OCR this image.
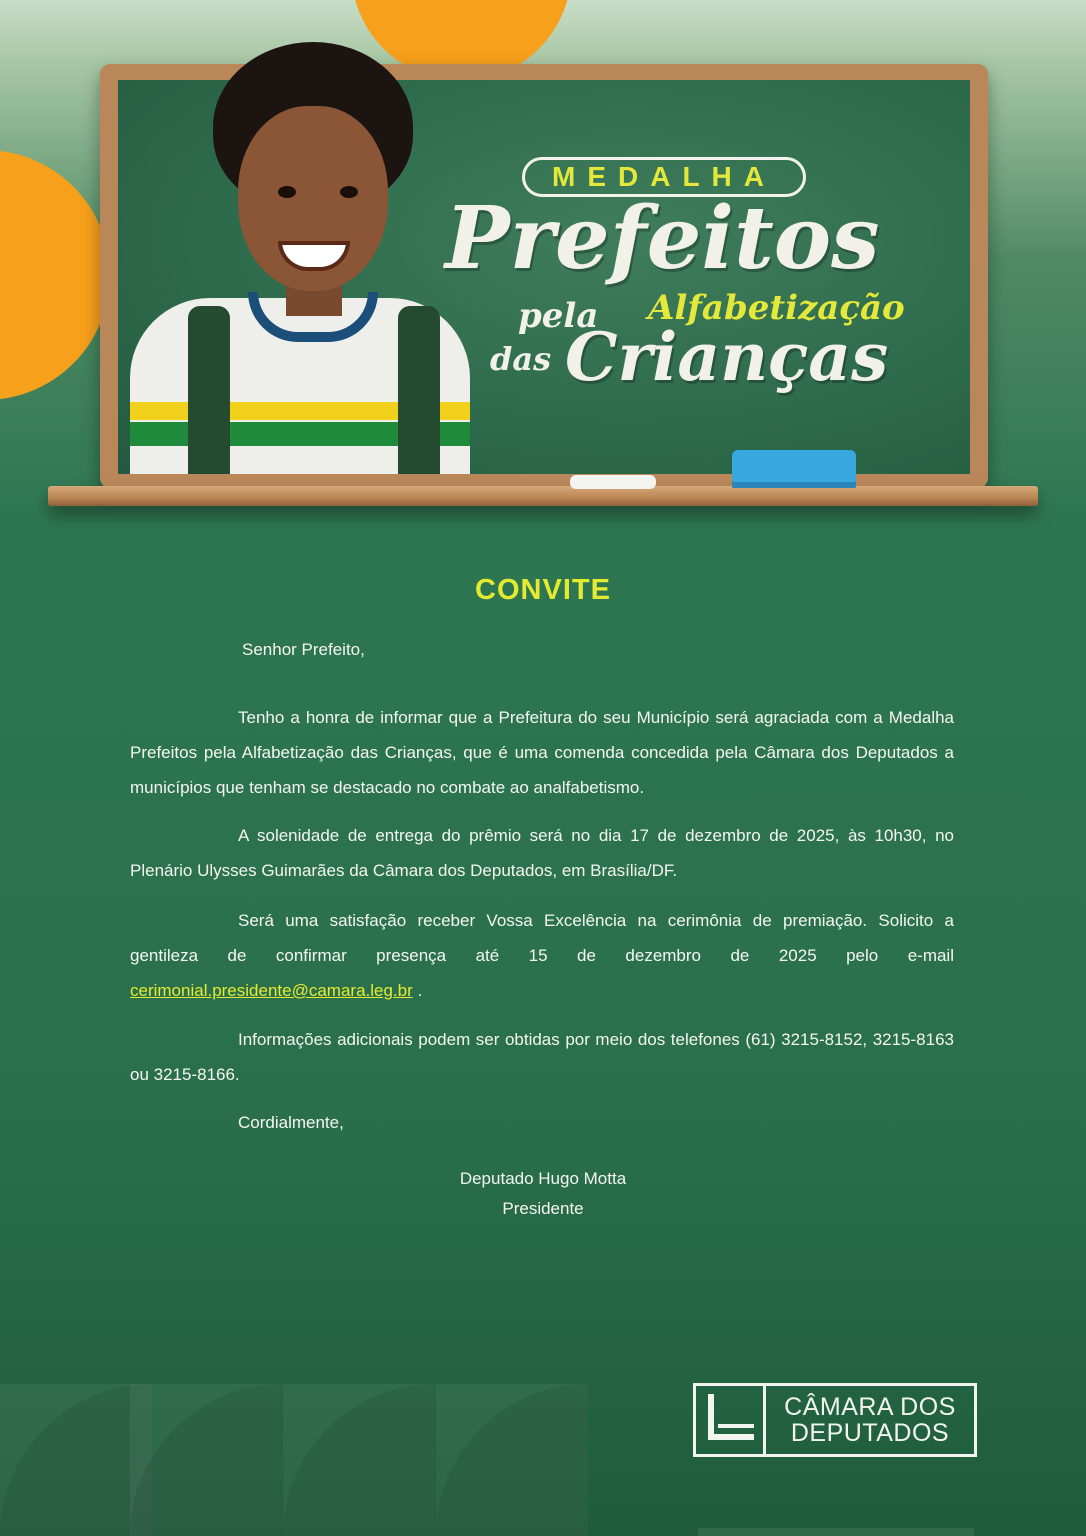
MEDALHA
Prefeitos
pela Alfabetização
das Crianças
CONVITE
Senhor Prefeito,

Tenho a honra de informar que a Prefeitura do seu Município será agraciada com a Medalha Prefeitos pela Alfabetização das Crianças, que é uma comenda concedida pela Câmara dos Deputados a municípios que tenham se destacado no combate ao analfabetismo.

A solenidade de entrega do prêmio será no dia 17 de dezembro de 2025, às 10h30, no Plenário Ulysses Guimarães da Câmara dos Deputados, em Brasília/DF.

Será uma satisfação receber Vossa Excelência na cerimônia de premiação. Solicito a gentileza de confirmar presença até 15 de dezembro de 2025 pelo e-mail cerimonial.presidente@camara.leg.br .

Informações adicionais podem ser obtidas por meio dos telefones (61) 3215-8152, 3215-8163 ou 3215-8166.

Cordialmente,
Deputado Hugo Motta
Presidente
CÂMARA DOS
DEPUTADOS
